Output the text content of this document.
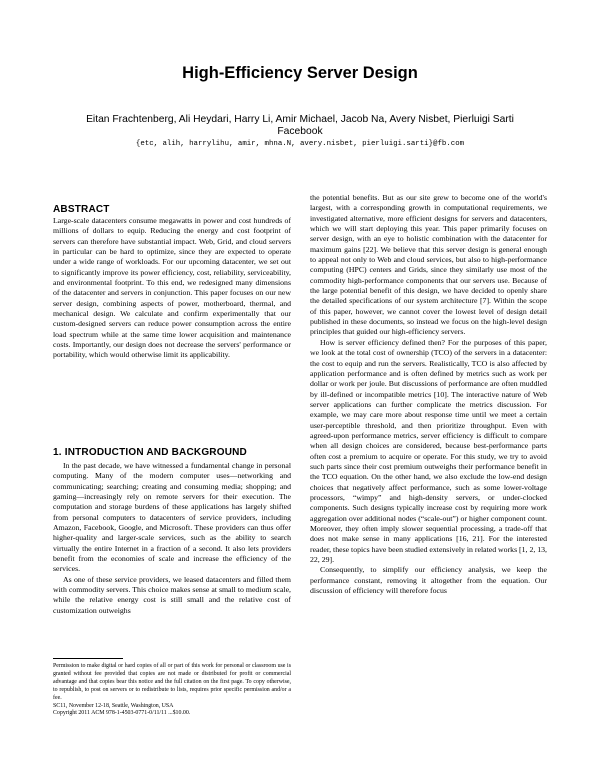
High-Efficiency Server Design
Eitan Frachtenberg, Ali Heydari, Harry Li, Amir Michael, Jacob Na, Avery Nisbet, Pierluigi Sarti
Facebook
{etc, alih, harrylihu, amir, mhna.N, avery.nisbet, pierluigi.sarti}@fb.com
ABSTRACT

Large-scale datacenters consume megawatts in power and cost hundreds of millions of dollars to equip. Reducing the energy and cost footprint of servers can therefore have substantial impact. Web, Grid, and cloud servers in particular can be hard to optimize, since they are expected to operate under a wide range of workloads. For our upcoming datacenter, we set out to significantly improve its power efficiency, cost, reliability, serviceability, and environmental footprint. To this end, we redesigned many dimensions of the datacenter and servers in conjunction. This paper focuses on our new server design, combining aspects of power, motherboard, thermal, and mechanical design. We calculate and confirm experimentally that our custom-designed servers can reduce power consumption across the entire load spectrum while at the same time lower acquisition and maintenance costs. Importantly, our design does not decrease the servers' performance or portability, which would otherwise limit its applicability.

1. INTRODUCTION AND BACKGROUND

In the past decade, we have witnessed a fundamental change in personal computing. Many of the modern computer uses—networking and communicating; searching; creating and consuming media; shopping; and gaming—increasingly rely on remote servers for their execution. The computation and storage burdens of these applications has largely shifted from personal computers to datacenters of service providers, including Amazon, Facebook, Google, and Microsoft. These providers can thus offer higher-quality and larger-scale services, such as the ability to search virtually the entire Internet in a fraction of a second. It also lets providers benefit from the economies of scale and increase the efficiency of the services.

As one of these service providers, we leased datacenters and filled them with commodity servers. This choice makes sense at small to medium scale, while the relative energy cost is still small and the relative cost of customization outweighs

Permission to make digital or hard copies of all or part of this work for personal or classroom use is granted without fee provided that copies are not made or distributed for profit or commercial advantage and that copies bear this notice and the full citation on the first page. To copy otherwise, to republish, to post on servers or to redistribute to lists, requires prior specific permission and/or a fee.
SC11, November 12-18, Seattle, Washington, USA
Copyright 2011 ACM 978-1-4503-0771-0/11/11 ...$10.00.

the potential benefits. But as our site grew to become one of the world's largest, with a corresponding growth in computational requirements, we investigated alternative, more efficient designs for servers and datacenters, which we will start deploying this year. This paper primarily focuses on server design, with an eye to holistic combination with the datacenter for maximum gains [22]. We believe that this server design is general enough to appeal not only to Web and cloud services, but also to high-performance computing (HPC) centers and Grids, since they similarly use most of the commodity high-performance components that our servers use. Because of the large potential benefit of this design, we have decided to openly share the detailed specifications of our system architecture [7]. Within the scope of this paper, however, we cannot cover the lowest level of design detail published in these documents, so instead we focus on the high-level design principles that guided our high-efficiency servers.

How is server efficiency defined then? For the purposes of this paper, we look at the total cost of ownership (TCO) of the servers in a datacenter: the cost to equip and run the servers. Realistically, TCO is also affected by application performance and is often defined by metrics such as work per dollar or work per joule. But discussions of performance are often muddled by ill-defined or incompatible metrics [10]. The interactive nature of Web server applications can further complicate the metrics discussion. For example, we may care more about response time until we meet a certain user-perceptible threshold, and then prioritize throughput. Even with agreed-upon performance metrics, server efficiency is difficult to compare when all design choices are considered, because best-performance parts often cost a premium to acquire or operate. For this study, we try to avoid such parts since their cost premium outweighs their performance benefit in the TCO equation. On the other hand, we also exclude the low-end design choices that negatively affect performance, such as some lower-voltage processors, “wimpy” and high-density servers, or under-clocked components. Such designs typically increase cost by requiring more work aggregation over additional nodes (“scale-out”) or higher component count. Moreover, they often imply slower sequential processing, a trade-off that does not make sense in many applications [16, 21]. For the interested reader, these topics have been studied extensively in related works [1, 2, 13, 22, 29].

Consequently, to simplify our efficiency analysis, we keep the performance constant, removing it altogether from the equation. Our discussion of efficiency will therefore focus
